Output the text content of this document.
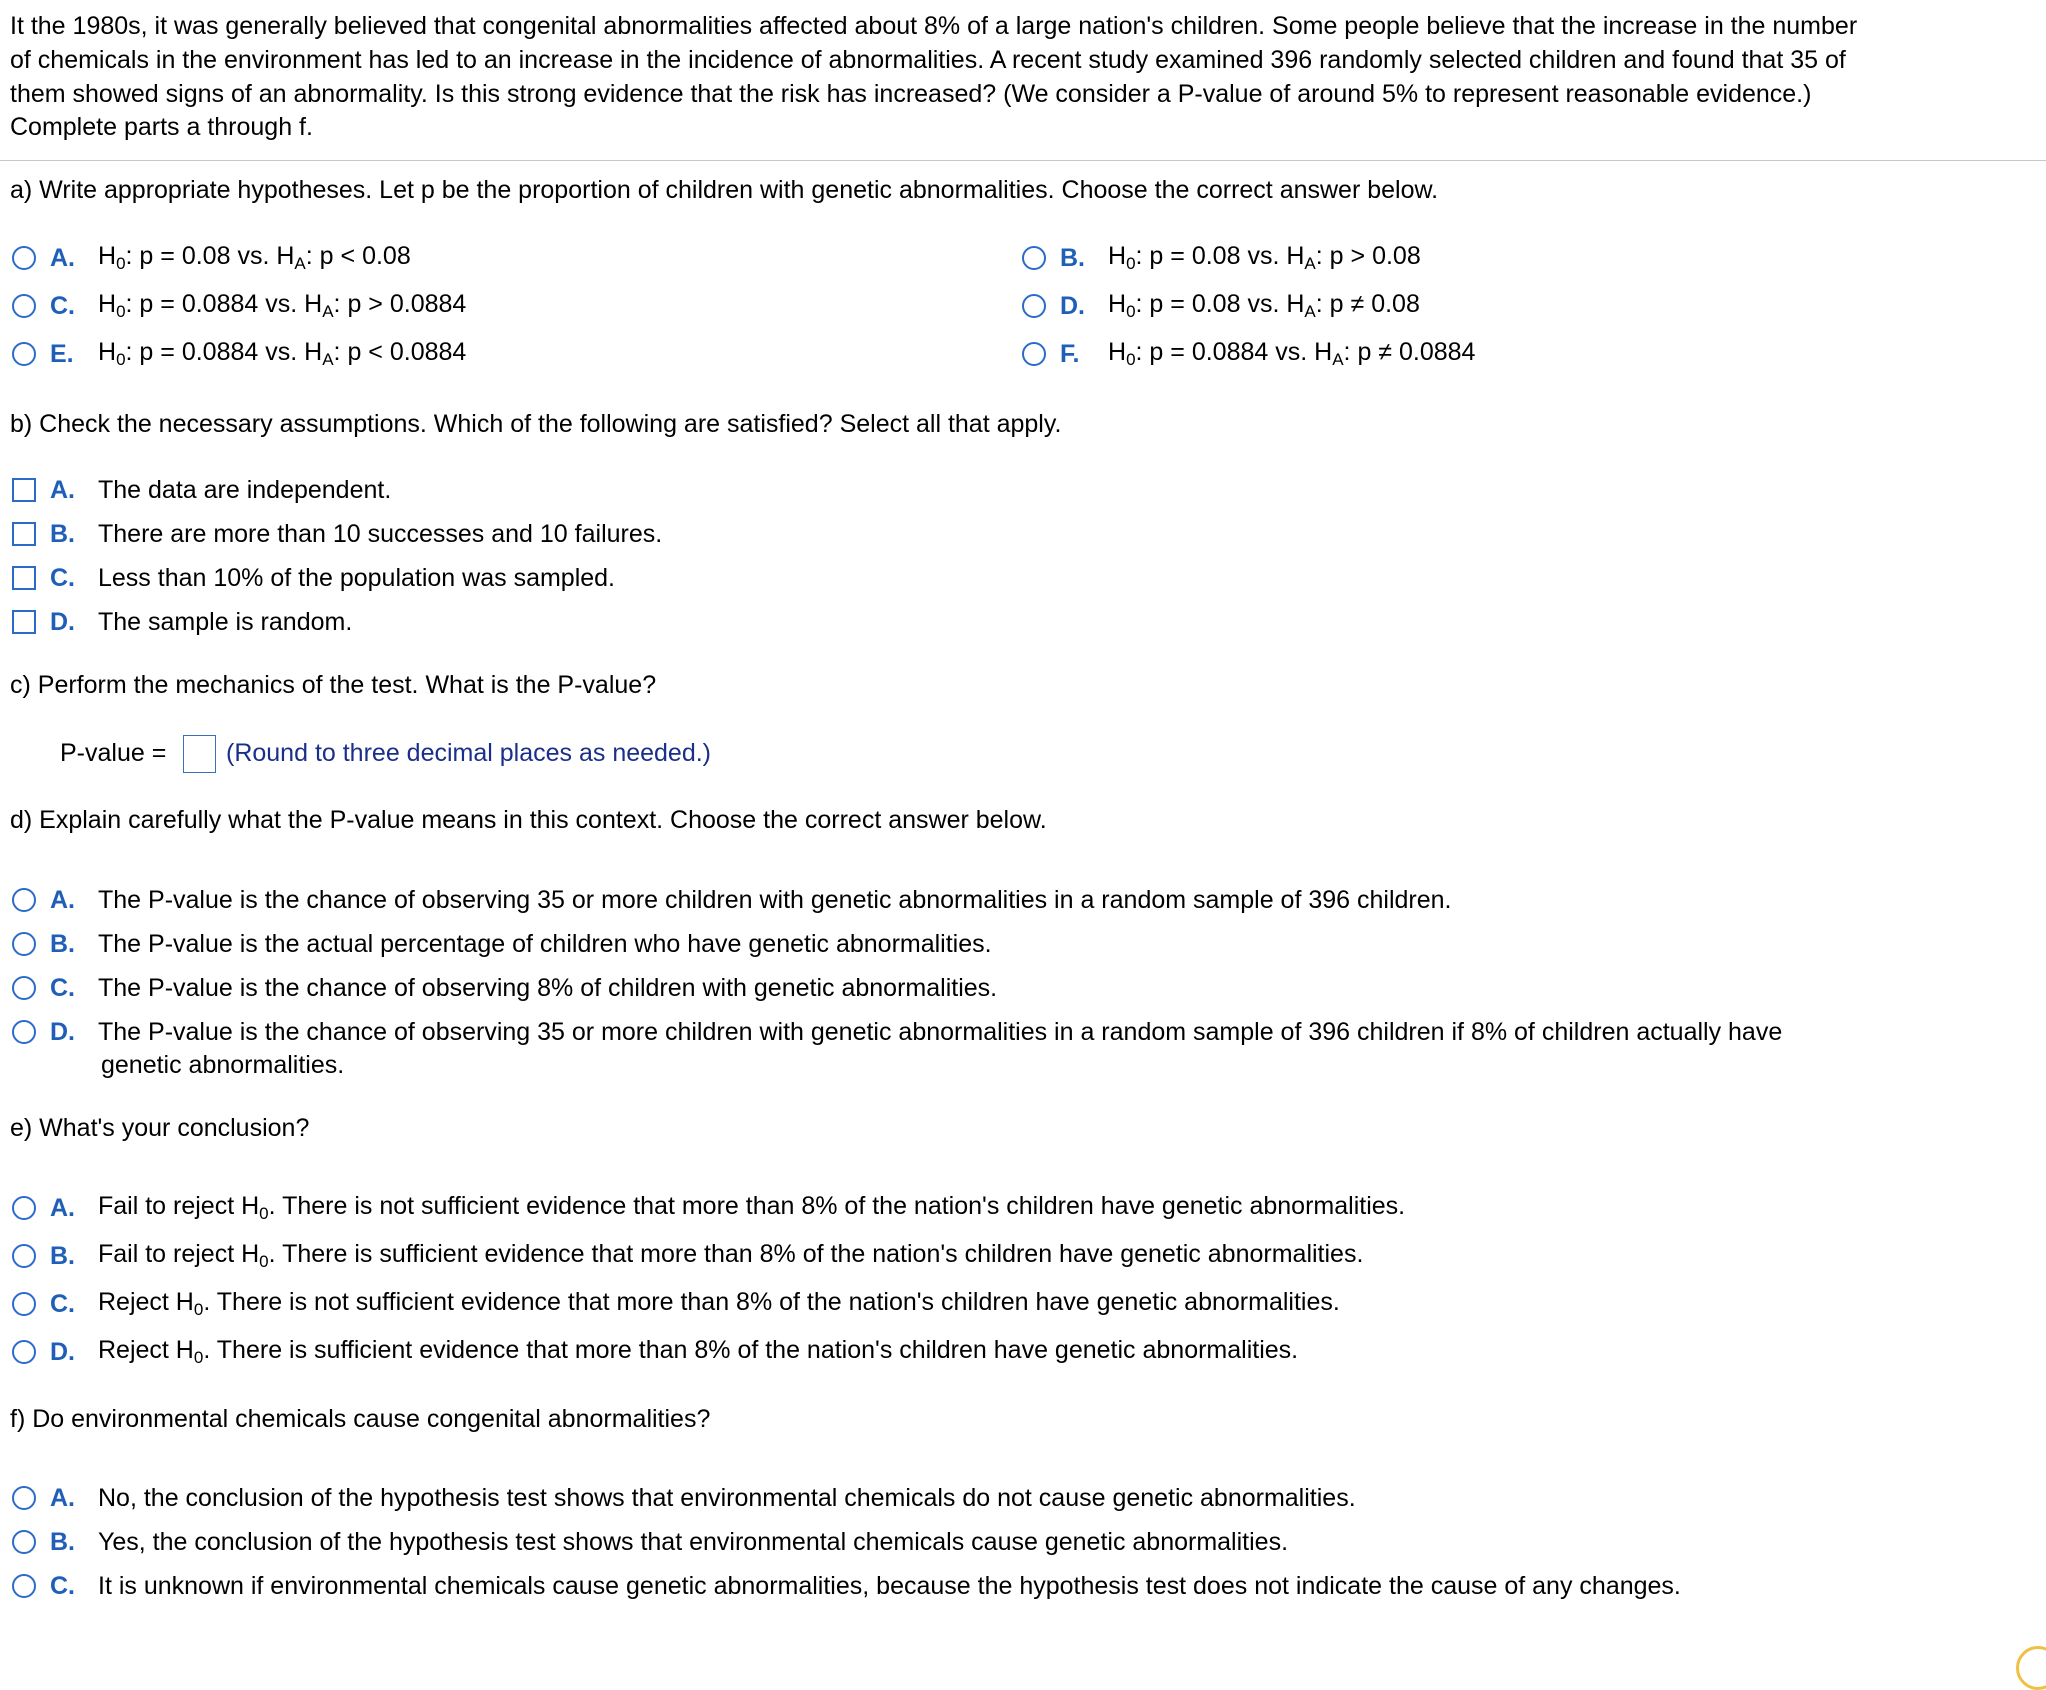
It the 1980s, it was generally believed that congenital abnormalities affected about 8% of a large nation's children. Some people believe that the increase in the number
of chemicals in the environment has led to an increase in the incidence of abnormalities. A recent study examined 396 randomly selected children and found that 35 of
them showed signs of an abnormality. Is this strong evidence that the risk has increased? (We consider a P-value of around 5% to represent reasonable evidence.)
Complete parts a through f.
a) Write appropriate hypotheses. Let p be the proportion of children with genetic abnormalities. Choose the correct answer below.
A. $H_0$: p = 0.08 vs. $H_A$: p < 0.08	B. $H_0$: p = 0.08 vs. $H_A$: p > 0.08
C. $H_0$: p = 0.0884 vs. $H_A$: p > 0.0884	D. $H_0$: p = 0.08 vs. $H_A$: p ≠ 0.08
E. $H_0$: p = 0.0884 vs. $H_A$: p < 0.0884	F.	$H_0$: p = 0.0884 vs. $H_A$: p ≠ 0.0884
b) Check the necessary assumptions. Which of the following are satisfied? Select all that apply.
A. The data are independent.
B. There are more than 10 successes and 10 failures.
C. Less than 10% of the population was sampled.
D. The sample is random.
c) Perform the mechanics of the test. What is the P-value?
P-value = (Round to three decimal places as needed.)
d) Explain carefully what the P-value means in this context. Choose the correct answer below.
A. The P-value is the chance of observing 35 or more children with genetic abnormalities in a random sample of 396 children.
B. The P-value is the actual percentage of children who have genetic abnormalities.
C. The P-value is the chance of observing 8% of children with genetic abnormalities.
D. The P-value is the chance of observing 35 or more children with genetic abnormalities in a random sample of 396 children if 8% of children actually have
genetic abnormalities.
e) What's your conclusion?
A. Fail to reject $H_0$. There is not sufficient evidence that more than 8% of the nation's children have genetic abnormalities.
B. Fail to reject $H_0$. There is sufficient evidence that more than 8% of the nation's children have genetic abnormalities.
C. Reject $H_0$. There is not sufficient evidence that more than 8% of the nation's children have genetic abnormalities.
D. Reject $H_0$. There is sufficient evidence that more than 8% of the nation's children have genetic abnormalities.
f) Do environmental chemicals cause congenital abnormalities?
A. No, the conclusion of the hypothesis test shows that environmental chemicals do not cause genetic abnormalities.
B. Yes, the conclusion of the hypothesis test shows that environmental chemicals cause genetic abnormalities.
C. It is unknown if environmental chemicals cause genetic abnormalities, because the hypothesis test does not indicate the cause of any changes.
